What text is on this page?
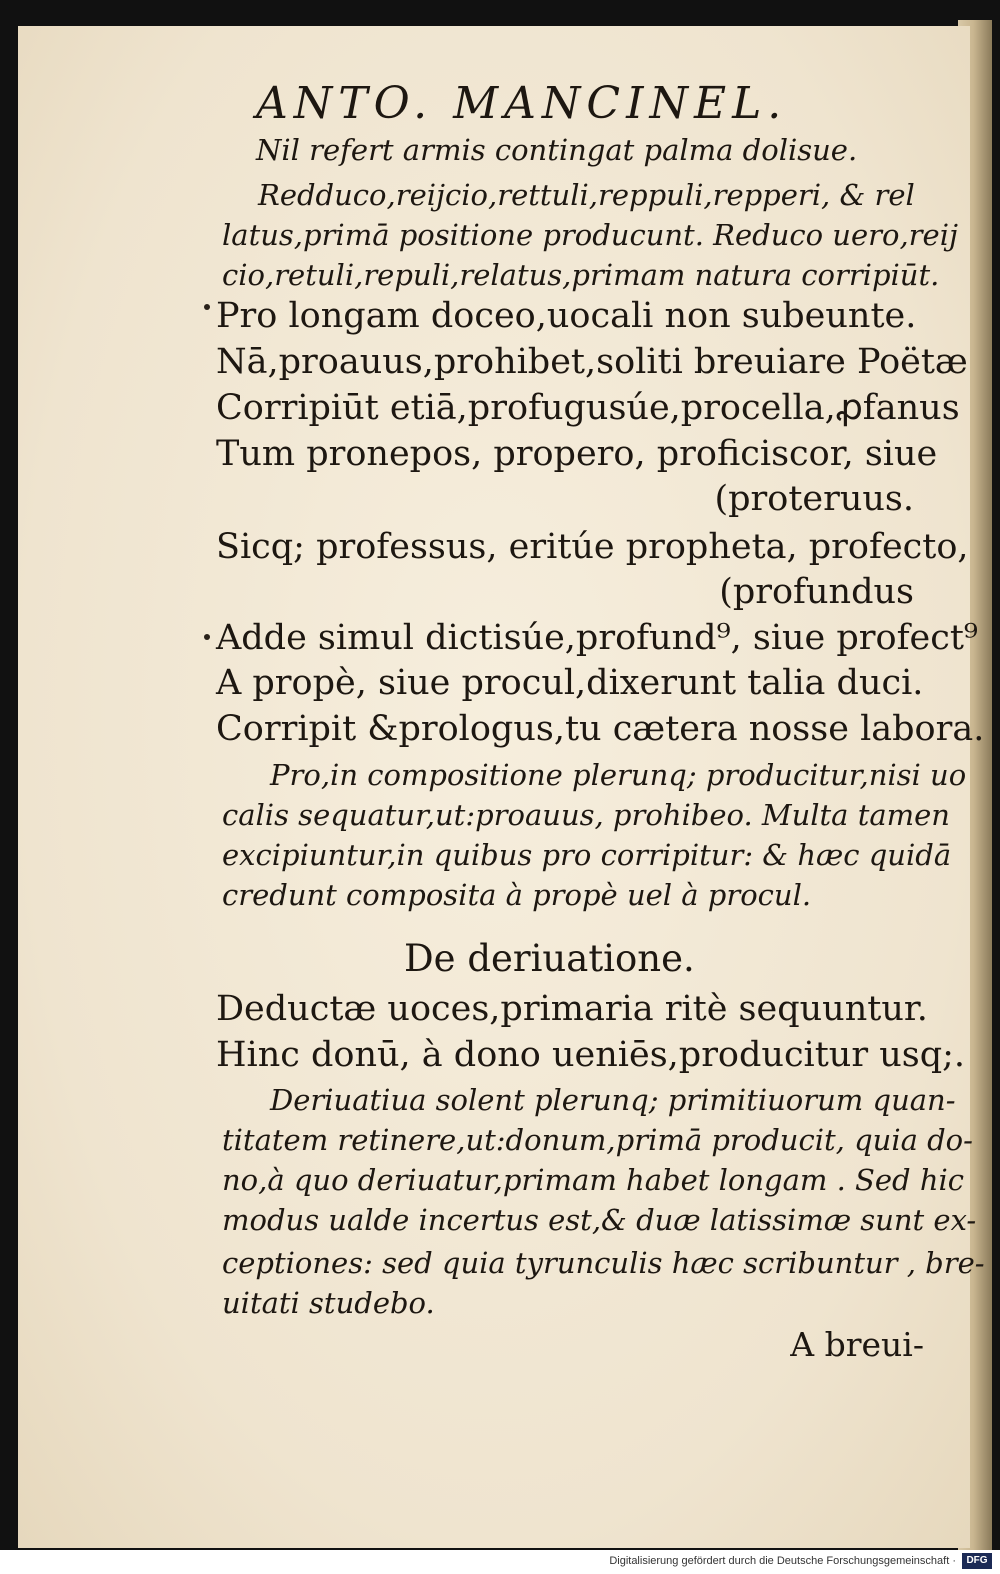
ANTO. MANCINEL.
Nil refert armis contingat palma dolisue.
Redduco,reijcio,rettuli,reppuli,repperi, & rel
latus,primā positione producunt. Reduco uero,reij
cio,retuli,repuli,relatus,primam natura corripiūt.
Pro longam doceo,uocali non subeunte.
Nā,proauus,prohibet,soliti breuiare Poëtæ
Corripiūt etiā,profugusúe,procella,ꝓfanus
Tum pronepos, propero, proficiscor, siue
(proteruus.
Sicq; professus, eritúe propheta, profecto,
(profundus
Adde simul dictisúe,profund⁹, siue profect⁹
A propè, siue procul,dixerunt talia duci.
Corripit &prologus,tu cætera nosse labora.
Pro,in compositione plerunq; producitur,nisi uo
calis sequatur,ut:proauus, prohibeo. Multa tamen
excipiuntur,in quibus pro corripitur: & hæc quidā
credunt composita à propè uel à procul.
De deriuatione.
Deductæ uoces,primaria ritè sequuntur.
Hinc donū, à dono ueniēs,producitur usq;.
Deriuatiua solent plerunq; primitiuorum quan-
titatem retinere,ut:donum,primā producit, quia do-
no,à quo deriuatur,primam habet longam . Sed hic
modus ualde incertus est,& duæ latissimæ sunt ex-
ceptiones: sed quia tyrunculis hæc scribuntur , bre-
uitati studebo.
A breui-
Digitalisierung gefördert durch die Deutsche Forschungsgemeinschaft ·	DFG
